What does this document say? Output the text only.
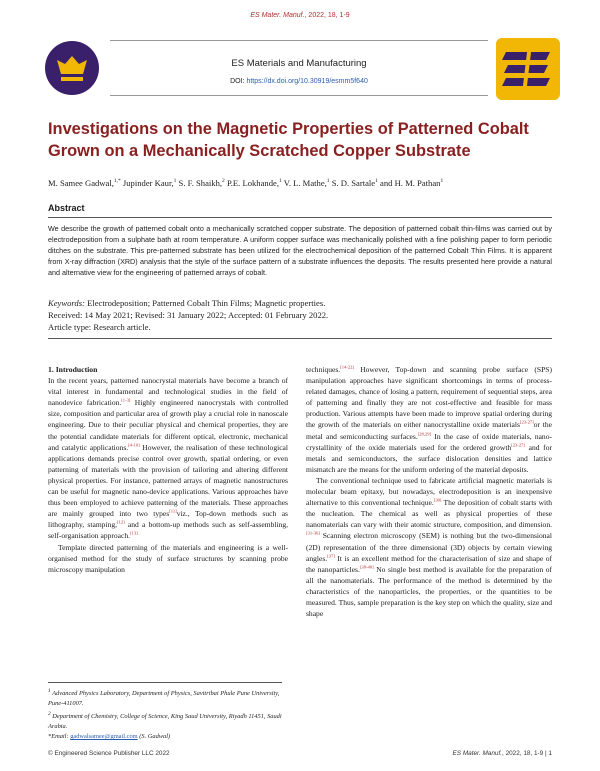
ES Mater. Manuf., 2022, 18, 1-9
ES Materials and Manufacturing
DOI: https://dx.doi.org/10.30919/esmm5f640
Investigations on the Magnetic Properties of Patterned Cobalt
Grown on a Mechanically Scratched Copper Substrate
M. Samee Gadwal,$^{1,*}$ Jupinder Kaur,$^1$ S. F. Shaikh,$^2$ P.E. Lokhande,$^1$ V. L. Mathe,$^1$ S. D. Sartale$^1$ and H. M. Pathan$^1$
Abstract
We describe the growth of patterned cobalt onto a mechanically scratched copper substrate. The deposition of patterned cobalt thin-films was carried out by electrodeposition from a sulphate bath at room temperature. A uniform copper surface was mechanically polished with a fine polishing paper to form periodic ditches on the substrate. This pre-patterned substrate has been utilized for the electrochemical deposition of the patterned Cobalt Thin Films. It is apparent from X-ray diffraction (XRD) analysis that the style of the surface pattern of a substrate influences the deposits. The results presented here provide a natural and alternative view for the engineering of patterned arrays of cobalt.
Keywords: Electrodeposition; Patterned Cobalt Thin Films; Magnetic properties.
Received: 14 May 2021; Revised: 31 January 2022; Accepted: 01 February 2022.
Article type: Research article.

1. Introduction

In the recent years, patterned nanocrystal materials have become a branch of vital interest in fundamental and technological studies in the field of nanodevice fabrication.[1-3] Highly engineered nanocrystals with controlled size, composition and particular area of growth play a crucial role in nanoscale engineering. Due to their peculiar physical and chemical properties, they are the potential candidate materials for different optical, electronic, mechanical and catalytic applications.[4-10] However, the realisation of these technological applications demands precise control over growth, spatial ordering, or even patterning of materials with the provision of tailoring and altering different physical properties. For instance, patterned arrays of magnetic nanostructures can be useful for magnetic nano-device applications. Various approaches have thus been employed to achieve patterning of the materials. These approaches are mainly grouped into two types[11]viz., Top-down methods such as lithography, stamping,[12] and a bottom-up methods such as self-assembling, self-organisation approach.[13]

Template directed patterning of the materials and engineering is a well-organised method for the study of surface structures by scanning probe microscopy manipulation

techniques.[14-22] However, Top-down and scanning probe surface (SPS) manipulation approaches have significant shortcomings in terms of process-related damages, chance of losing a pattern, requirement of sequential steps, area of patterning and finally they are not cost-effective and feasible for mass production. Various attempts have been made to improve spatial ordering during the growth of the materials on either nanocrystalline oxide materials[23-27]or the metal and semiconducting surfaces.[28,29] In the case of oxide materials, nano-crystallinity of the oxide materials used for the ordered growth[23-27] and for metals and semiconductors, the surface dislocation densities and lattice mismatch are the means for the uniform ordering of the material deposits.

The conventional technique used to fabricate artificial magnetic materials is molecular beam epitaxy, but nowadays, electrodeposition is an inexpensive alternative to this conventional technique.[30] The deposition of cobalt starts with the nucleation. The chemical as well as physical properties of these nanomaterials can vary with their atomic structure, composition, and dimension.[31-36] Scanning electron microscopy (SEM) is nothing but the two-dimensional (2D) representation of the three dimensional (3D) objects by certain viewing angles.[37] It is an excellent method for the characterisation of size and shape of the nanoparticles.[38-40] No single best method is available for the preparation of all the nanomaterials. The performance of the method is determined by the characteristics of the nanoparticles, the properties, or the quantities to be measured. Thus, sample preparation is the key step on which the quality, size and shape

$^1$ Advanced Physics Laboratory, Department of Physics, Savitribai Phule Pune University, Pune-411007.
$^2$ Department of Chemistry, College of Science, King Saud University, Riyadh 11451, Saudi Arabia.
*Email: gadwalsamee@gmail.com (S. Gadwal)
© Engineered Science Publisher LLC 2022	ES Mater. Manuf., 2022, 18, 1-9 | 1
